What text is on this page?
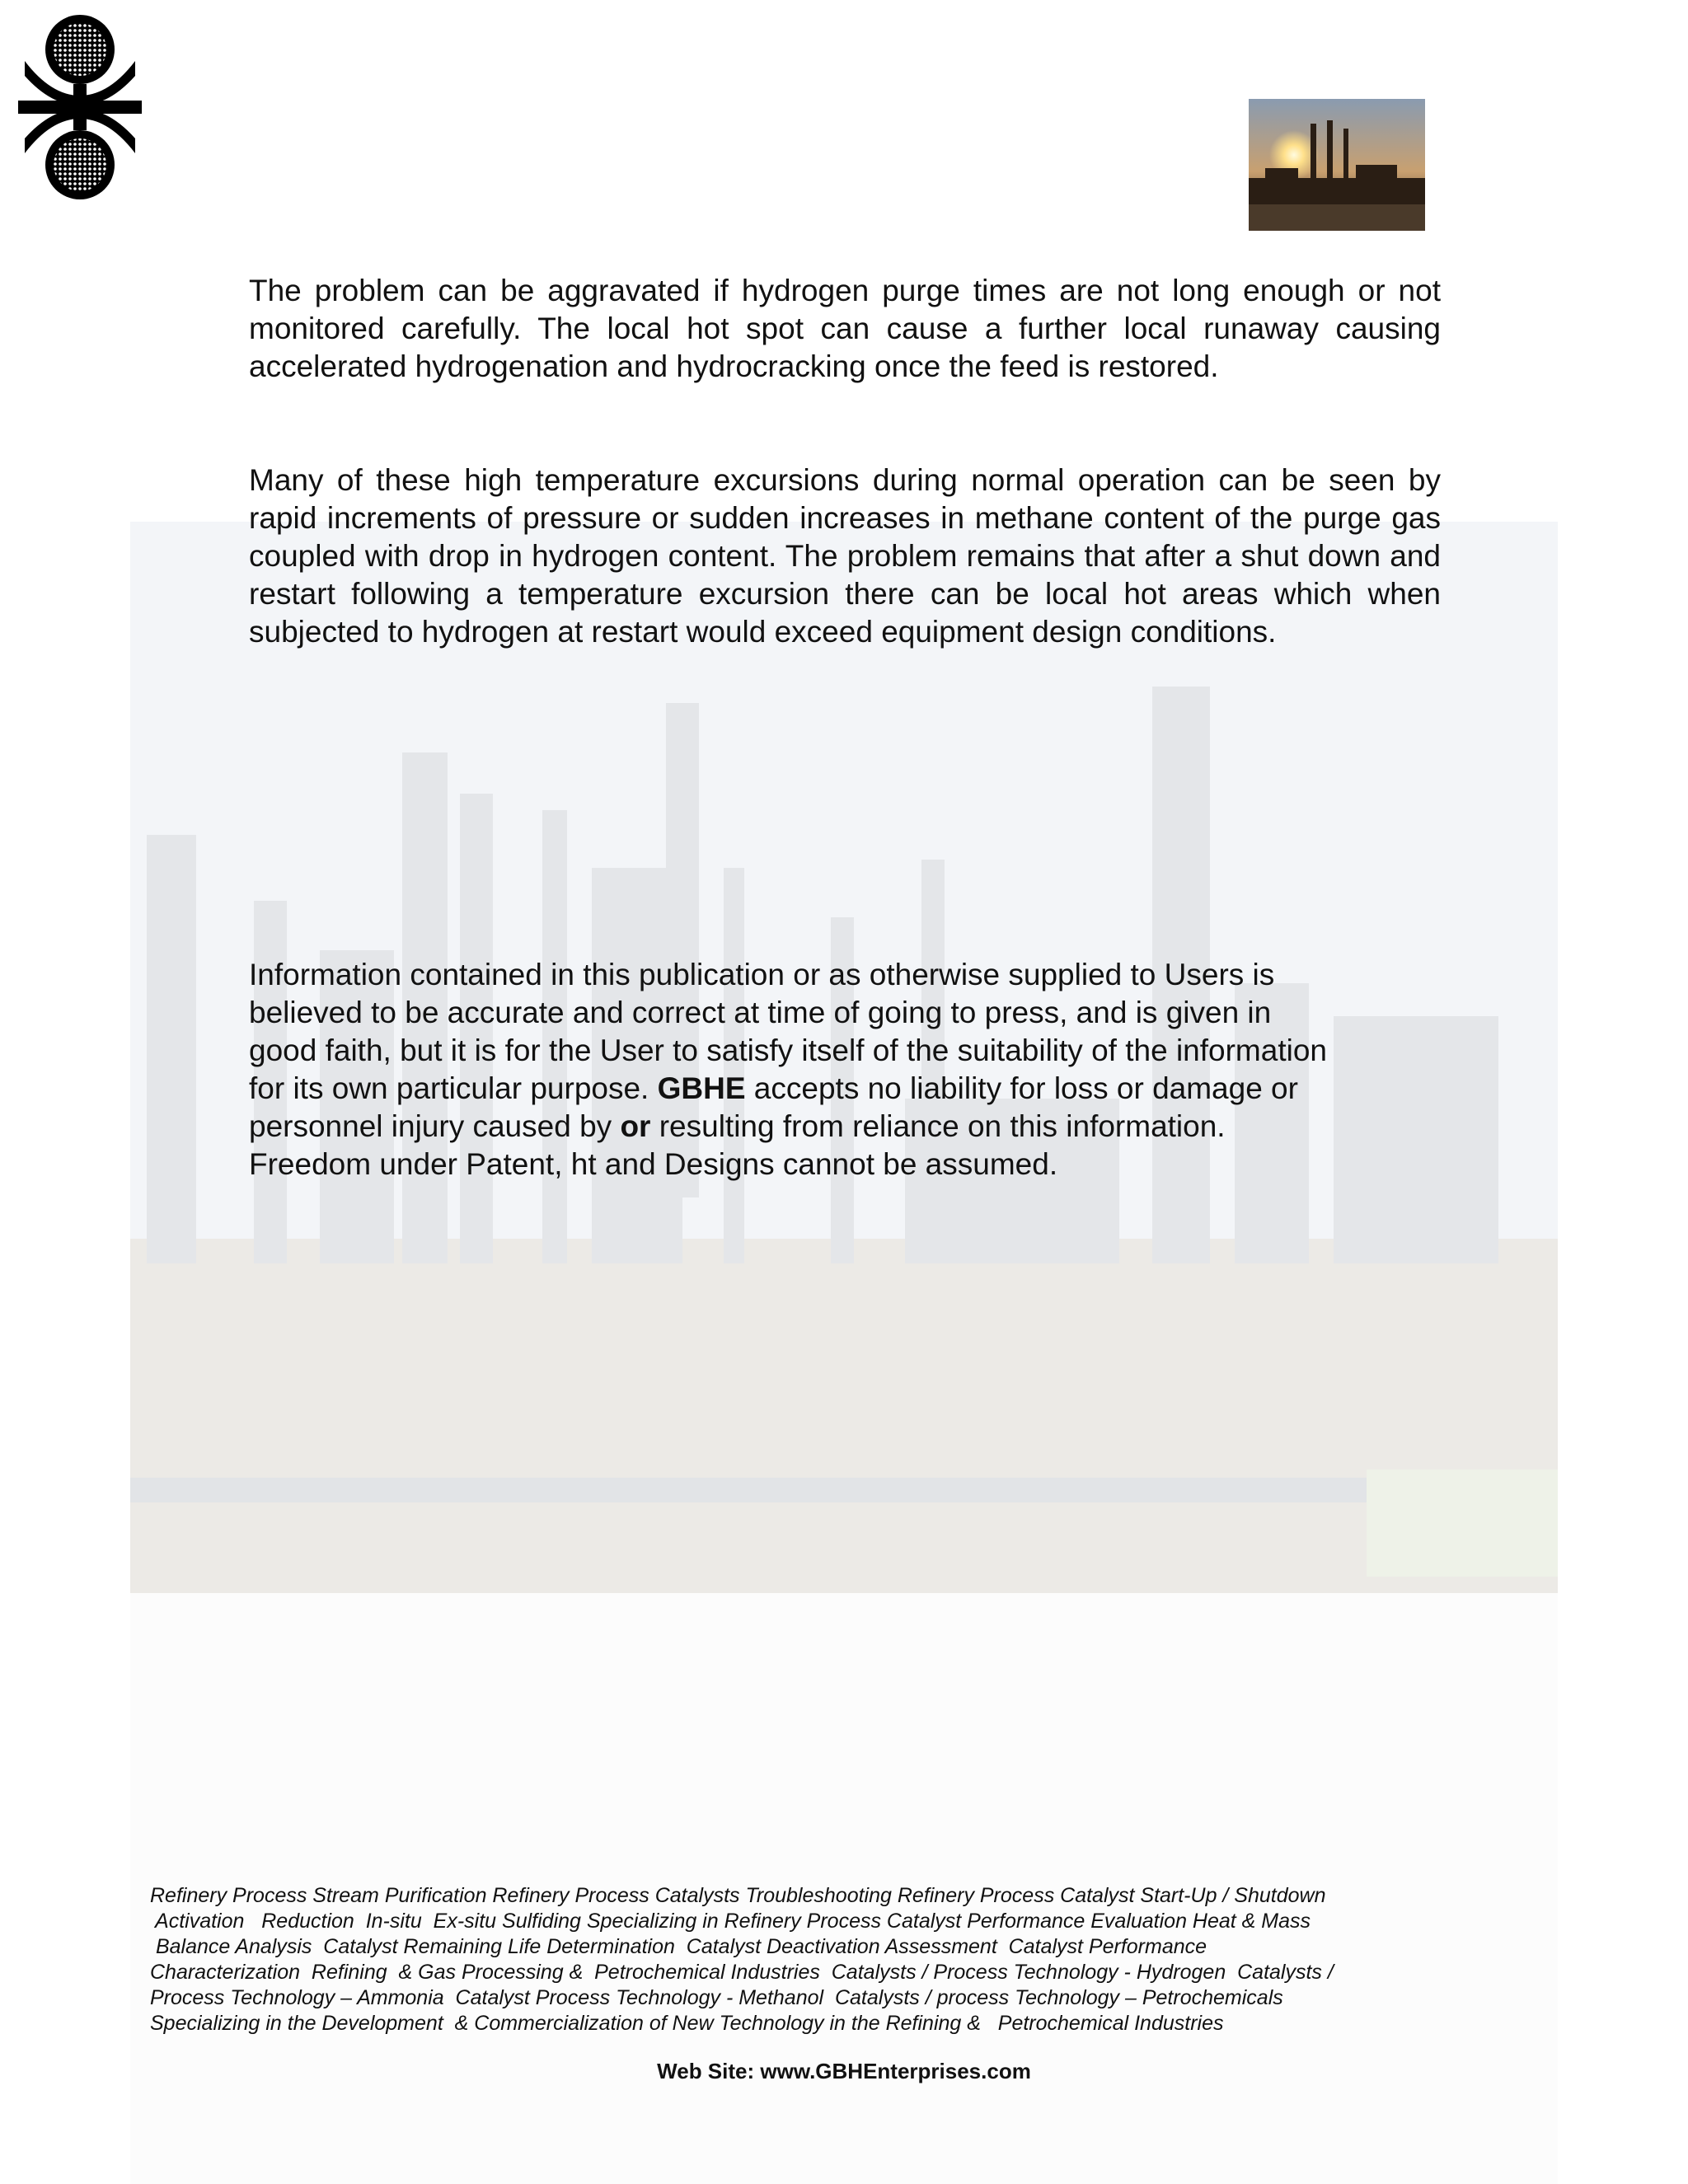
The problem can be aggravated if hydrogen purge times are not long enough or not monitored carefully. The local hot spot can cause a further local runaway causing accelerated hydrogenation and hydrocracking once the feed is restored.

Many of these high temperature excursions during normal operation can be seen by rapid increments of pressure or sudden increases in methane content of the purge gas coupled with drop in hydrogen content. The problem remains that after a shut down and restart following a temperature excursion there can be local hot areas which when subjected to hydrogen at restart would exceed equipment design conditions.

Information contained in this publication or as otherwise supplied to Users is
believed to be accurate and correct at time of going to press, and is given in
good faith, but it is for the User to satisfy itself of the suitability of the information
for its own particular purpose. GBHE accepts no liability for loss or damage or
personnel injury caused by or resulting from reliance on this information.
Freedom under Patent, ht and Designs cannot be assumed.
Refinery Process Stream Purification Refinery Process Catalysts Troubleshooting Refinery Process Catalyst Start-Up / Shutdown
Activation   Reduction  In-situ  Ex-situ Sulfiding Specializing in Refinery Process Catalyst Performance Evaluation Heat & Mass
Balance Analysis  Catalyst Remaining Life Determination  Catalyst Deactivation Assessment  Catalyst Performance
Characterization  Refining  & Gas Processing &  Petrochemical Industries  Catalysts / Process Technology - Hydrogen  Catalysts /
Process Technology – Ammonia  Catalyst Process Technology - Methanol  Catalysts / process Technology – Petrochemicals
Specializing in the Development  & Commercialization of New Technology in the Refining &   Petrochemical Industries
Web Site: www.GBHEnterprises.com
